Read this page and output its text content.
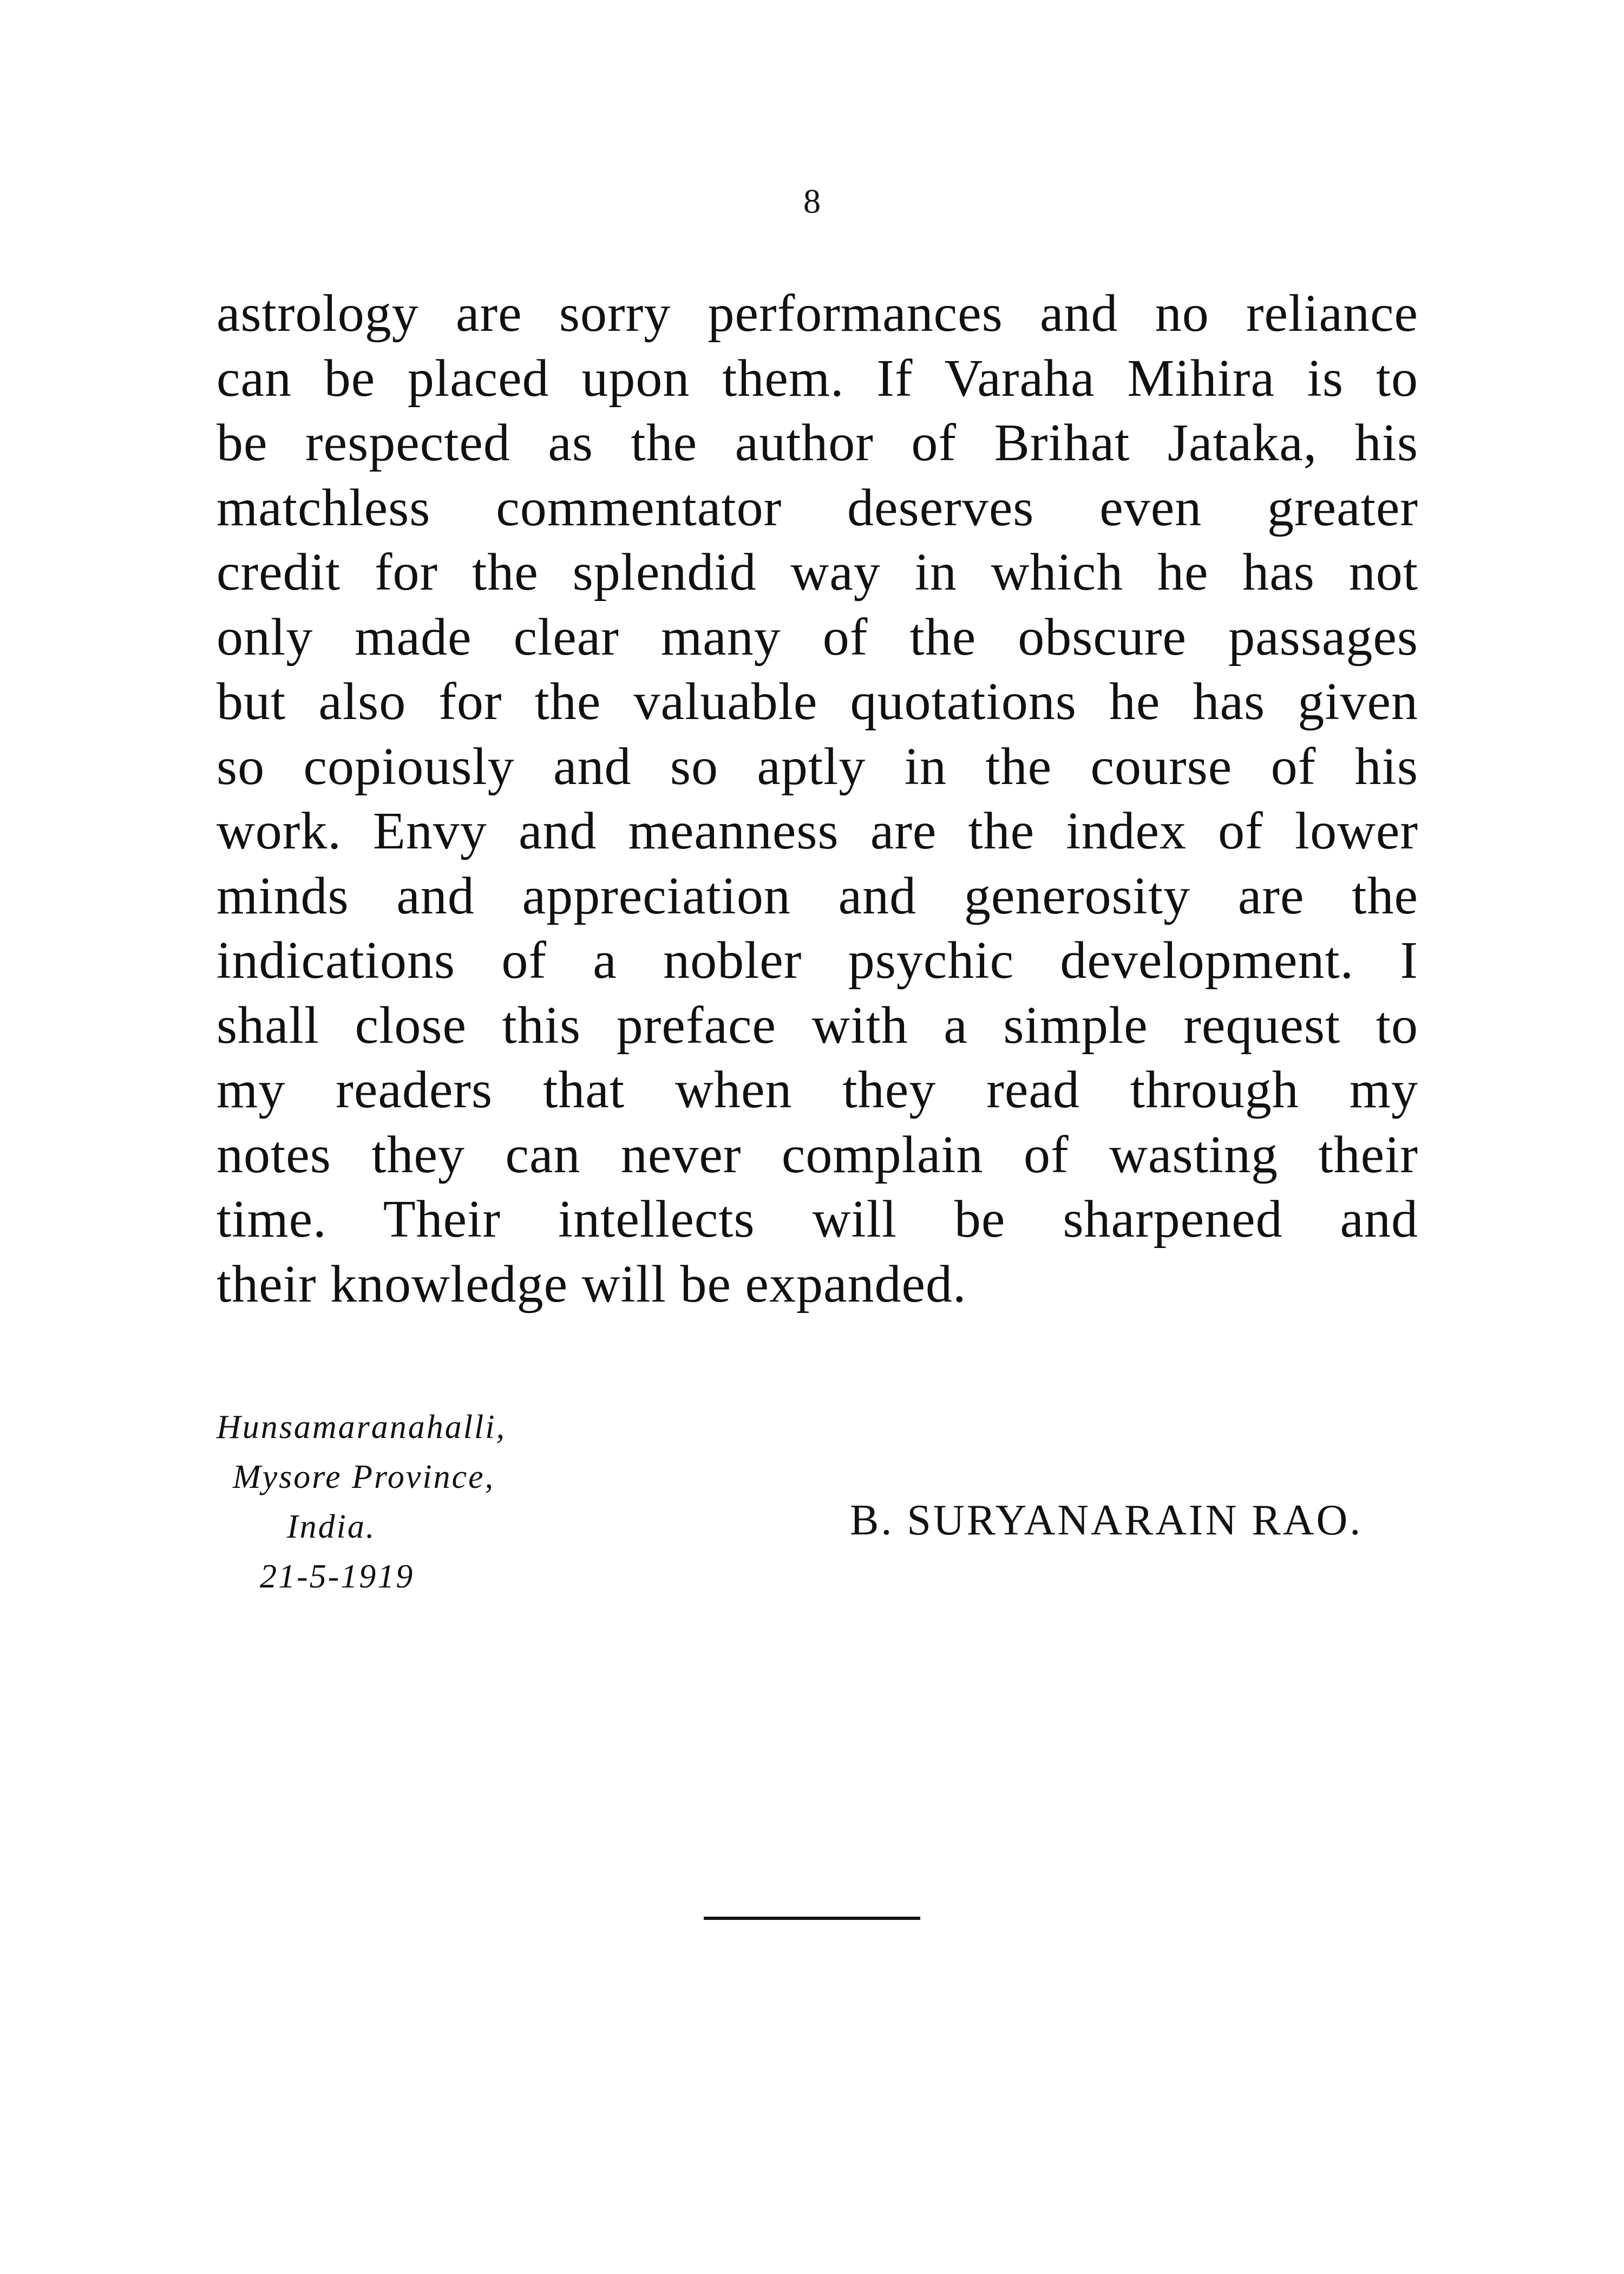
8
astrology are sorry performances and no reliance
can be placed upon them. If Varaha Mihira is to
be respected as the author of Brihat Jataka, his
matchless commentator deserves even greater
credit for the splendid way in which he has not
only made clear many of the obscure passages
but also for the valuable quotations he has given
so copiously and so aptly in the course of his
work. Envy and meanness are the index of lower
minds and appreciation and generosity are the
indications of a nobler psychic development. I
shall close this preface with a simple request to
my readers that when they read through my
notes they can never complain of wasting their
time. Their intellects will be sharpened and
their knowledge will be expanded.
Hunsamaranahalli,
Mysore Province,
India.
21-5-1919
B. SURYANARAIN RAO.
